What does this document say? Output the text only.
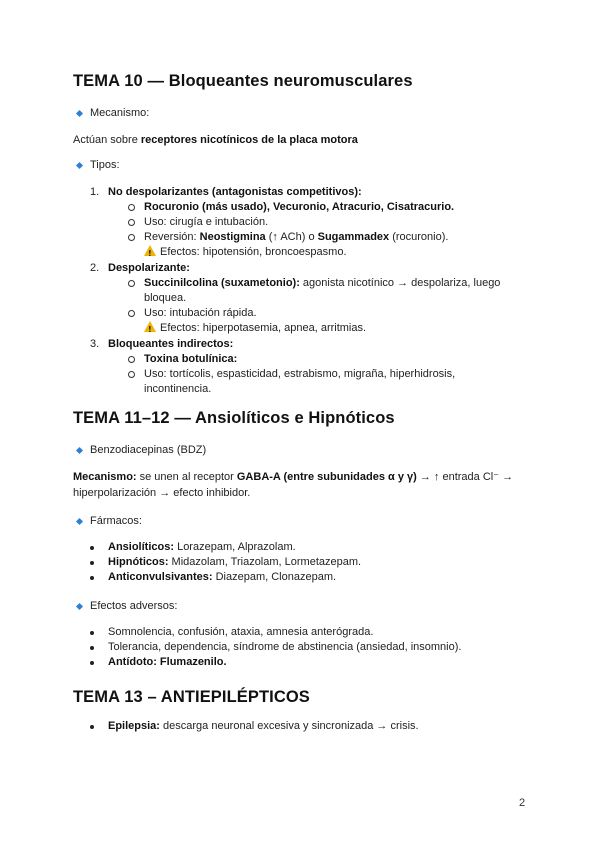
TEMA 10 — Bloqueantes neuromusculares
Mecanismo:
Actúan sobre receptores nicotínicos de la placa motora
Tipos:
1. No despolarizantes (antagonistas competitivos):
Rocuronio (más usado), Vecuronio, Atracurio, Cisatracurio.
Uso: cirugía e intubación.
Reversión: Neostigmina (↑ ACh) o Sugammadex (rocuronio).
!Efectos: hipotensión, broncoespasmo.
2. Despolarizante:
Succinilcolina (suxametonio): agonista nicotínico → despolariza, luego
bloquea.
Uso: intubación rápida.
!Efectos: hiperpotasemia, apnea, arritmias.
3. Bloqueantes indirectos:
Toxina botulínica:
Uso: tortícolis, espasticidad, estrabismo, migraña, hiperhidrosis,
incontinencia.
TEMA 11–12 — Ansiolíticos e Hipnóticos
Benzodiacepinas (BDZ)
Mecanismo: se unen al receptor GABA-A (entre subunidades α y γ) → ↑ entrada Cl⁻ →
hiperpolarización → efecto inhibidor.
Fármacos:
Ansiolíticos: Lorazepam, Alprazolam.
Hipnóticos: Midazolam, Triazolam, Lormetazepam.
Anticonvulsivantes: Diazepam, Clonazepam.
Efectos adversos:
Somnolencia, confusión, ataxia, amnesia anterógrada.
Tolerancia, dependencia, síndrome de abstinencia (ansiedad, insomnio).
Antídoto: Flumazenilo.
TEMA 13 – ANTIEPILÉPTICOS
Epilepsia: descarga neuronal excesiva y sincronizada → crisis.
2
